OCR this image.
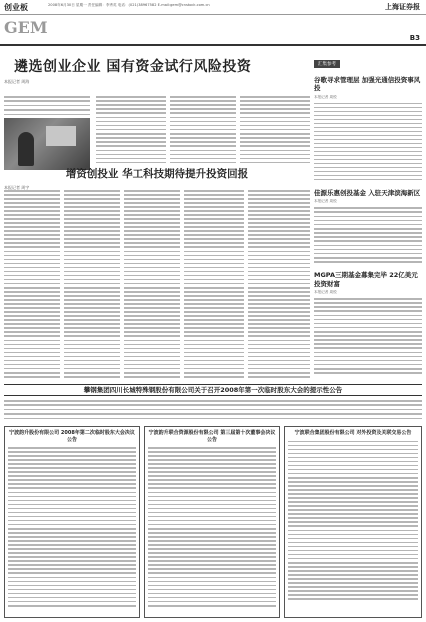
创业板	2008年6月30日 星期一 责任编辑：李秀英 电话：(021)38967582 E-mail:gem@cnstock.com.cn	上海证券报
GEM
B3
遴选创业企业 国有资金试行风险投资
本报记者 周海
增资创投业 华工科技期待提升投资回报
本报记者 周宇
汇集参考
谷歌寻求管理层 加强光通信投资事风投
本报记者 周悦
佳源乐惠创投基金 入驻天津滨海新区
本报记者 周悦
MGPA三期基金募集完毕 22亿美元投资财富
本报记者 周悦
攀钢集团四川长城特殊钢股份有限公司关于召开2008年第一次临时股东大会的提示性公告
宁波韵升股份有限公司 2008年第二次临时股东大会决议公告
宁波韵升联合资源股份有限公司 第三届第十次董事会决议公告
宁波联合集团股份有限公司 对外投资及关联交易公告
